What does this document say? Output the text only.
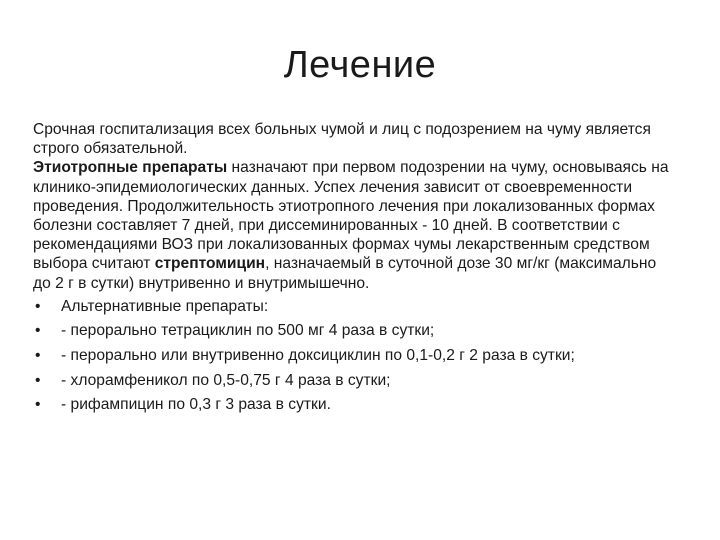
Лечение

Срочная госпитализация всех больных чумой и лиц с подозрением на чуму является строго обязательной.

Этиотропные препараты назначают при первом подозрении на чуму, основываясь на клинико-эпидемиологических данных. Успех лечения зависит от своевременности проведения. Продолжительность этиотропного лечения при локализованных формах болезни составляет 7 дней, при диссеминированных - 10 дней. В соответствии с рекомендациями ВОЗ при локализованных формах чумы лекарственным средством выбора считают стрептомицин, назначаемый в суточной дозе 30 мг/кг (максимально до 2 г в сутки) внутривенно и внутримышечно.

• Альтернативные препараты:
• - перорально тетрациклин по 500 мг 4 раза в сутки;
• - перорально или внутривенно доксициклин по 0,1-0,2 г 2 раза в сутки;
• - хлорамфеникол по 0,5-0,75 г 4 раза в сутки;
• - рифампицин по 0,3 г 3 раза в сутки.
